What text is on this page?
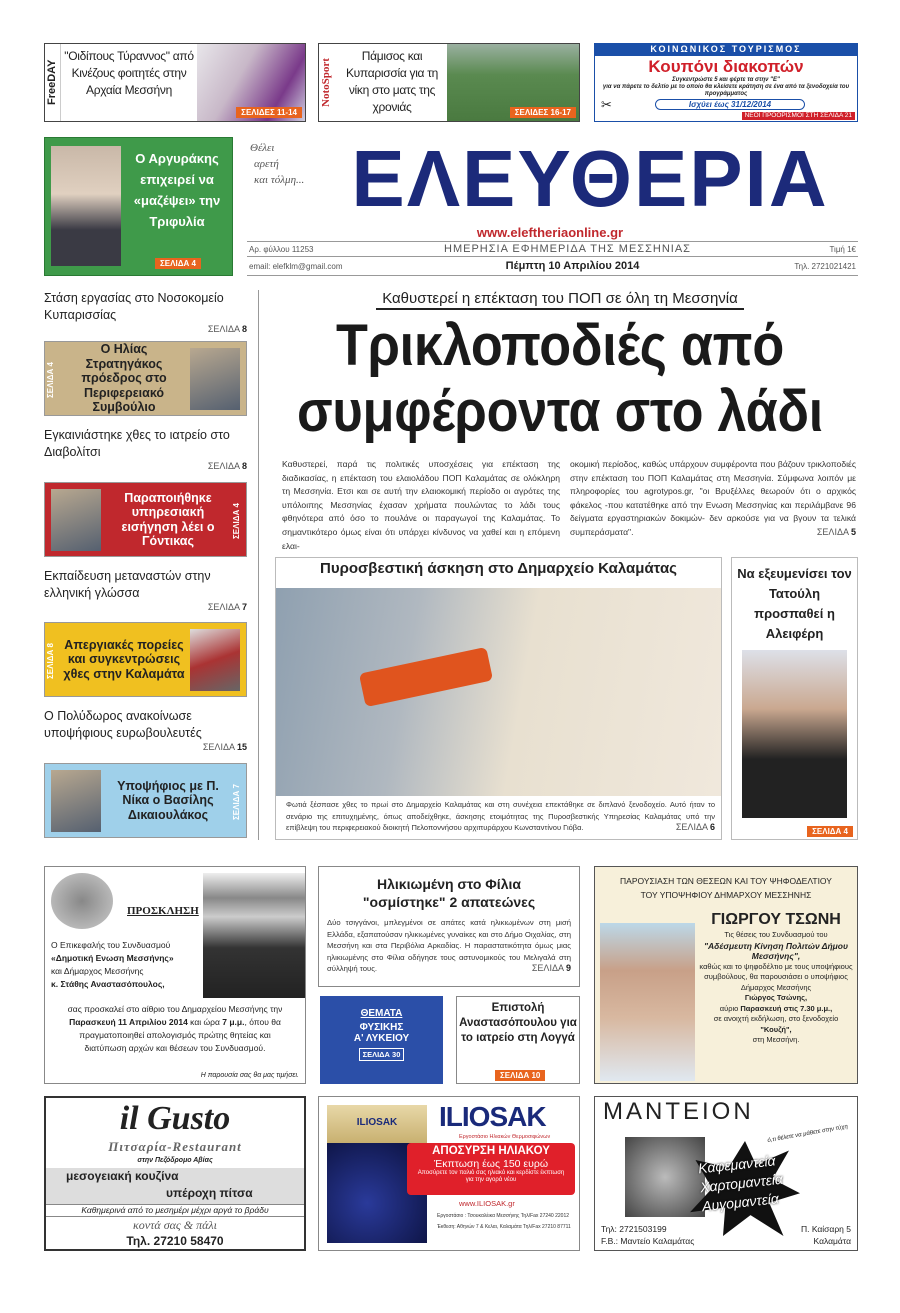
FreeDAY
"Οιδίπους Τύραννος" από Κινέζους φοιτητές στην Αρχαία Μεσσήνη
ΣΕΛΙΔΕΣ 11-14
NotoSport
Πάμισος και Κυπαρισσία για τη νίκη στο ματς της χρονιάς	ΣΕΛΙΔΕΣ 16-17
ΚΟΙΝΩΝΙΚΟΣ ΤΟΥΡΙΣΜΟΣ
Κουπόνι διακοπών
Συγκεντρώστε 5 και φέρτε τα στην "Ε"
για να πάρετε το δελτίο με το οποίο θα κλείσετε κράτηση σε ένα από τα ξενοδοχεία του προγράμματος
Ισχύει έως 31/12/2014
✂
ΝΕΟΙ ΠΡΟΟΡΙΣΜΟΙ ΣΤΗ ΣΕΛΙΔΑ 21
Ο Αργυράκης επιχειρεί να «μαζέψει» την Τριφυλία
ΣΕΛΙΔΑ 4
Θέλει
αρετή
και τόλμη... ΕΛΕΥΘΕΡΙΑ
www.eleftheriaonline.gr
Αρ. φύλλου 11253	ΗΜΕΡΗΣΙΑ ΕΦΗΜΕΡΙΔΑ ΤΗΣ ΜΕΣΣΗΝΙΑΣ	Τιμή 1€
email: elefklm@gmail.com	Πέμπτη 10 Απριλίου 2014	Τηλ. 2721021421
Στάση εργασίας στο Νοσοκομείο Κυπαρισσίας
ΣΕΛΙΔΑ 8
ΣΕΛΙΔΑ 4
Ο Ηλίας Στρατηγάκος πρόεδρος στο Περιφερειακό Συμβούλιο
Εγκαινιάστηκε χθες το ιατρείο στο Διαβολίτσι
ΣΕΛΙΔΑ 8
Παραποιήθηκε υπηρεσιακή εισήγηση λέει ο Γόντικας
ΣΕΛΙΔΑ 4
Εκπαίδευση μεταναστών στην ελληνική γλώσσα
ΣΕΛΙΔΑ 7
ΣΕΛΙΔΑ 8 Απεργιακές πορείες και συγκεντρώσεις χθες στην Καλαμάτα
Ο Πολύδωρος ανακοίνωσε υποψήφιους ευρωβουλευτές
ΣΕΛΙΔΑ 15
Υποψήφιος με Π. Νίκα ο Βασίλης Δικαιουλάκος	ΣΕΛΙΔΑ 7
Καθυστερεί η επέκταση του ΠΟΠ σε όλη τη Μεσσηνία
Τρικλοποδιές από
συμφέροντα στο λάδι
Καθυστερεί, παρά τις πολιτικές υποσχέσεις για επέκταση της διαδικασίας, η επέκταση του ελαιολάδου ΠΟΠ Καλαμάτας σε ολόκληρη τη Μεσσηνία. Ετσι και σε αυτή την ελαιοκομική περίοδο οι αγρότες της υπόλοιπης Μεσσηνίας έχασαν χρήματα πουλώντας το λάδι τους φθηνότερα από όσο το πουλάνε οι παραγωγοί της Καλαμάτας. Το σημαντικότερο όμως είναι ότι υπάρχει κίνδυνος να χαθεί και η επόμενη ελαι-
οκομική περίοδος, καθώς υπάρχουν συμφέροντα που βάζουν τρικλοποδιές στην επέκταση του ΠΟΠ Καλαμάτας στη Μεσσηνία. Σύμφωνα λοιπόν με πληροφορίες του agrotypos.gr, "οι Βρυξέλλες θεωρούν ότι ο αρχικός φάκελος -που κατατέθηκε από την Ενωση Μεσσηνίας και περιλάμβανε 96 δείγματα εργαστηριακών δοκιμών- δεν αρκούσε για να βγουν τα τελικά συμπεράσματα".	ΣΕΛΙΔΑ 5
Πυροσβεστική άσκηση στο Δημαρχείο Καλαμάτας
Φωτιά ξέσπασε χθες το πρωί στο Δημαρχείο Καλαμάτας και στη συνέχεια επεκτάθηκε σε διπλανό ξενοδοχείο. Αυτό ήταν το σενάριο της επιτυχημένης, όπως αποδείχθηκε, άσκησης ετοιμότητας της Πυροσβεστικής Υπηρεσίας Καλαμάτας υπό την επίβλεψη του περιφερειακού διοικητή Πελοποννήσου αρχιπυράρχου Κωνσταντίνου Γιόβα.	ΣΕΛΙΔΑ 6
Να εξευμενίσει τον Τατούλη προσπαθεί η Αλειφέρη
ΣΕΛΙΔΑ 4
ΠΡΟΣΚΛΗΣΗ
Ο Επικεφαλής του Συνδυασμού
«Δημοτική Ενωση Μεσσήνης»
και Δήμαρχος Μεσσήνης
κ. Στάθης Αναστασόπουλος,
σας προσκαλεί στο αίθριο του Δημαρχείου Μεσσήνης την Παρασκευή 11 Απριλίου 2014 και ώρα 7 μ.μ., όπου θα πραγματοποιηθεί απολογισμός πρώτης θητείας και διατύπωση αρχών και θέσεων του Συνδυασμού.
Η παρουσία σας θα μας τιμήσει.
Ηλικιωμένη στο Φίλια
"οσμίστηκε" 2 απατεώνες
Δύο τσιγγάνοι, μπλεγμένοι σε απάτες κατά ηλικιωμένων στη μισή Ελλάδα, εξαπατούσαν ηλικιωμένες γυναίκες και στο Δήμο Οιχαλίας, στη Μεσσήνη και στα Περιβόλια Αρκαδίας. Η παραστατικότητα όμως μιας ηλικιωμένης στο Φίλια οδήγησε τους αστυνομικούς του Μελιγαλά στη σύλληψή τους.	ΣΕΛΙΔΑ 9
ΘΕΜΑΤΑ
ΦΥΣΙΚΗΣ
Α' ΛΥΚΕΙΟΥ
ΣΕΛΙΔΑ 30
Επιστολή Αναστασόπουλου για το ιατρείο στη Λογγά
ΣΕΛΙΔΑ 10
ΠΑΡΟΥΣΙΑΣΗ ΤΩΝ ΘΕΣΕΩΝ ΚΑΙ ΤΟΥ ΨΗΦΟΔΕΛΤΙΟΥ
ΤΟΥ ΥΠΟΨΗΦΙΟΥ ΔΗΜΑΡΧΟΥ ΜΕΣΣΗΝΗΣ
ΓΙΩΡΓΟΥ ΤΣΩΝΗ
Τις θέσεις του Συνδυασμού του
"Αδέσμευτη Κίνηση Πολιτών Δήμου Μεσσήνης",
καθώς και το ψηφοδέλτιο με τους υποψήφιους συμβούλους, θα παρουσιάσει ο υποψήφιος Δήμαρχος Μεσσήνης
Γιώργος Τσώνης,
αύριο Παρασκευή στις 7.30 μ.μ.,
σε ανοιχτή εκδήλωση, στο ξενοδοχείο "Κουζή",
στη Μεσσήνη.
il Gusto
Πιτσαρία-Restaurant
στην Πεζόδρομο Αβίας
μεσογειακή κουζίνα
υπέροχη πίτσα
Καθημερινά από το μεσημέρι μέχρι αργά το βράδυ
κοντά σας & πάλι
Τηλ. 27210 58470
ILIOSAK	ILIOSAK
Εργοστάσιο Ηλιακών Θερμοσιφώνων
ΑΠΟΣΥΡΣΗ ΗΛΙΑΚΟΥ
Έκπτωση έως 150 ευρώ
Αποσύρετε τον παλιό σας ηλιακό και κερδίστε έκπτωση για την αγορά νέου
www.ILIOSAK.gr
Εργοστάσιο : Τσουκαλέικα Μεσσήνης Τηλ/Fax 27240 22012
Έκθεση: Αθηνών 7 & Κελαι, Καλαμάτα Τηλ/Fax 27210 87711
ΜΑΝΤΕΙΟΝ
ό,τι θέλετε να μάθετε στην τύχη
Καφεμαντεία
Χαρτομαντεία
Αυγομαντεία
Τηλ: 2721503199
F.B.: Μαντείο Καλαμάτας
Π. Καίσαρη 5
Καλαμάτα
